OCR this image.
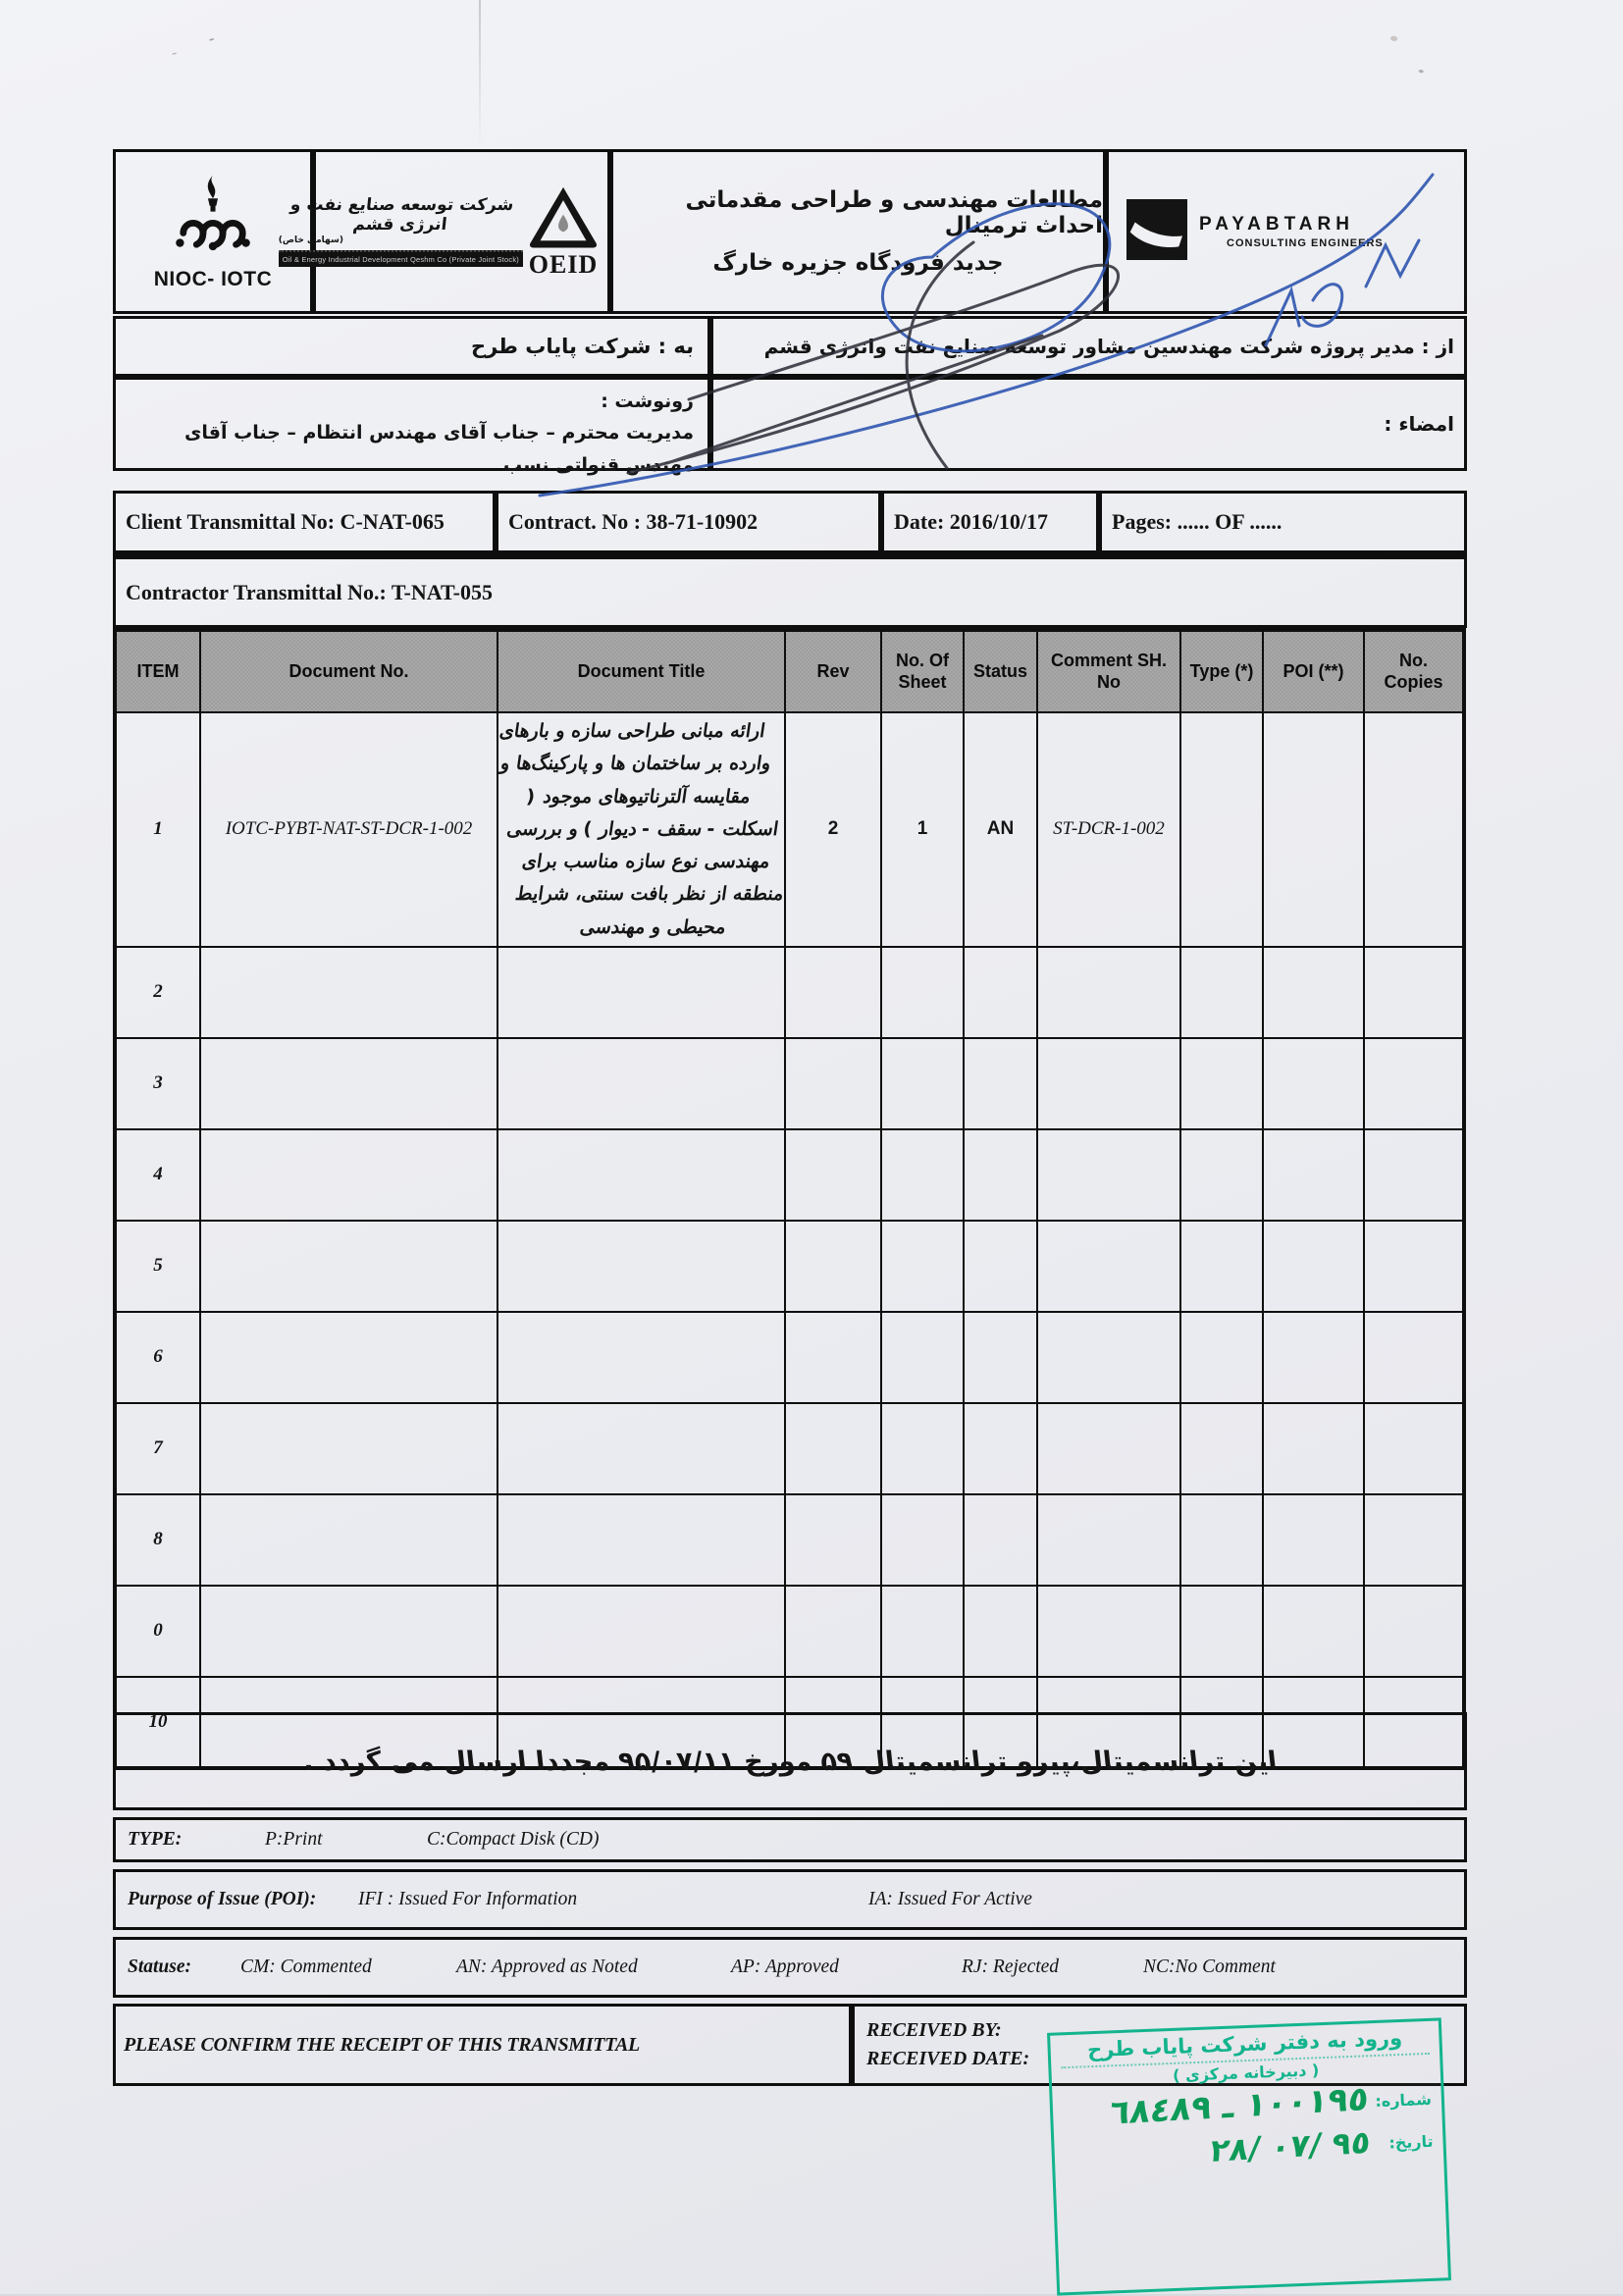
NIOC- IOTC
شرکت توسعه صنایع نفت و انرژی قشم
(سهامی خاص)
Oil & Energy Industrial Development Qeshm Co (Private Joint Stock) OEID
مطالعات مهندسی و طراحی مقدماتی احداث ترمینال
جدید فرودگاه جزیره خارگ
PAYABTARH
CONSULTING ENGINEERS
به : شرکت پایاب طرح	از : مدیر پروژه شرکت مهندسین مشاور توسعه صنایع نفت وانرژی قشم
رونوشت :
مدیریت محترم – جناب آقای مهندس انتظام – جناب آقای مهندس قنواتی نسب
امضاء :
Client Transmittal No: C-NAT-065	Contract. No : 38-71-10902	Date: 2016/10/17	Pages: ...... OF ......
Contractor Transmittal No.: T-NAT-055
ITEM	Document No.	Document Title	Rev	No. Of Sheet	Status	Comment SH. No	Type (*)	POI (**)	No. Copies
1	IOTC-PYBT-NAT-ST-DCR-1-002	ارائه مبانی طراحی سازه و بارهای وارده بر ساختمان ها و پارکینگ‌ها و مقایسه آلترناتیوهای موجود ( اسکلت - سقف - دیوار ) و بررسی مهندسی نوع سازه مناسب برای منطقه از نظر بافت سنتی، شرایط محیطی و مهندسی	2	1	AN	ST-DCR-1-002			
2									
3									
4									
5									
6									
7									
8									
0									
10									
این ترانسمیتال،پیرو ترانسمیتال ۵۹ مورخ ۹۵/۰۷/۱۱ مجددا ارسال می گردد .
TYPE:	P:Print	C:Compact Disk (CD)
Purpose of Issue (POI):	IFI : Issued For Information	IA: Issued For Active
Statuse:	CM: Commented	AN: Approved as Noted	AP: Approved	RJ: Rejected	NC:No Comment
PLEASE CONFIRM THE RECEIPT OF THIS TRANSMITTAL
RECEIVED BY:
RECEIVED DATE:	ورود به دفتر شرکت پایاب طرح
( دبیرخانه مرکزی )
شماره:
١٠٠١٩٥ ـ ٦٨٤٨٩
تاریخ:
٩٥ /٠٧ /٢٨
